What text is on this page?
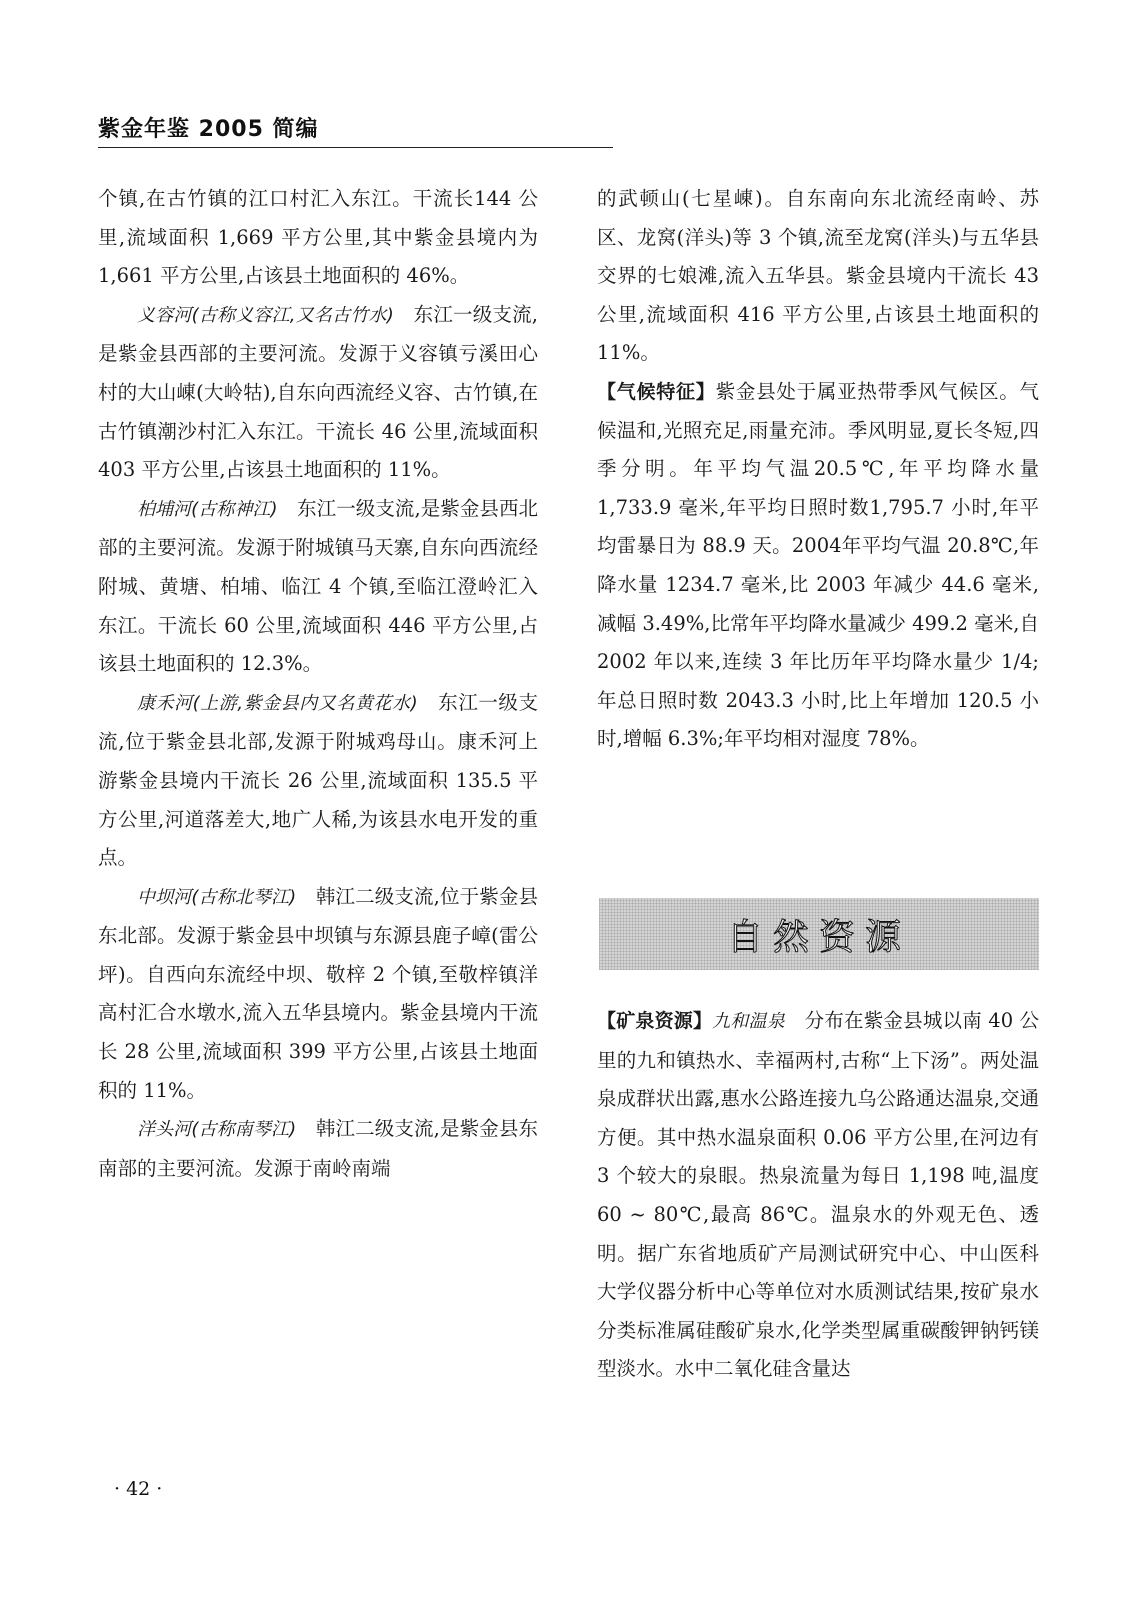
紫金年鉴 2005 简编

个镇,在古竹镇的江口村汇入东江。干流长144 公里,流域面积 1,669 平方公里,其中紫金县境内为 1,661 平方公里,占该县土地面积的 46%。

义容河(古称义容江,又名古竹水)　 东江一级支流,是紫金县西部的主要河流。发源于义容镇亏溪田心村的大山崠(大岭牯),自东向西流经义容、古竹镇,在古竹镇潮沙村汇入东江。干流长 46 公里,流域面积 403 平方公里,占该县土地面积的 11%。

柏埔河(古称神江)　 东江一级支流,是紫金县西北部的主要河流。发源于附城镇马天寨,自东向西流经附城、黄塘、柏埔、临江 4 个镇,至临江澄岭汇入东江。干流长 60 公里,流域面积 446 平方公里,占该县土地面积的 12.3%。

康禾河(上游,紫金县内又名黄花水)　 东江一级支流,位于紫金县北部,发源于附城鸡母山。康禾河上游紫金县境内干流长 26 公里,流域面积 135.5 平方公里,河道落差大,地广人稀,为该县水电开发的重点。

中坝河(古称北琴江)　 韩江二级支流,位于紫金县东北部。发源于紫金县中坝镇与东源县鹿子嶂(雷公坪)。自西向东流经中坝、敬梓 2 个镇,至敬梓镇洋高村汇合水墩水,流入五华县境内。紫金县境内干流长 28 公里,流域面积 399 平方公里,占该县土地面积的 11%。

洋头河(古称南琴江)　 韩江二级支流,是紫金县东南部的主要河流。发源于南岭南端

的武顿山(七星崠)。自东南向东北流经南岭、苏区、龙窝(洋头)等 3 个镇,流至龙窝(洋头)与五华县交界的七娘滩,流入五华县。紫金县境内干流长 43 公里,流域面积 416 平方公里,占该县土地面积的 11%。

【气候特征】紫金县处于属亚热带季风气候区。气候温和,光照充足,雨量充沛。季风明显,夏长冬短,四季分明。年平均气温20.5℃,年平均降水量 1,733.9 毫米,年平均日照时数1,795.7 小时,年平均雷暴日为 88.9 天。2004年平均气温 20.8℃,年降水量 1234.7 毫米,比 2003 年减少 44.6 毫米,减幅 3.49%,比常年平均降水量减少 499.2 毫米,自 2002 年以来,连续 3 年比历年平均降水量少 1/4;年总日照时数 2043.3 小时,比上年增加 120.5 小时,增幅 6.3%;年平均相对湿度 78%。

自然资源

【矿泉资源】九和温泉　 分布在紫金县城以南 40 公里的九和镇热水、幸福两村,古称“上下汤”。两处温泉成群状出露,惠水公路连接九乌公路通达温泉,交通方便。其中热水温泉面积 0.06 平方公里,在河边有 3 个较大的泉眼。热泉流量为每日 1,198 吨,温度 60 ~ 80℃,最高 86℃。温泉水的外观无色、透明。据广东省地质矿产局测试研究中心、中山医科大学仪器分析中心等单位对水质测试结果,按矿泉水分类标准属硅酸矿泉水,化学类型属重碳酸钾钠钙镁型淡水。水中二氧化硅含量达

· 42 ·
